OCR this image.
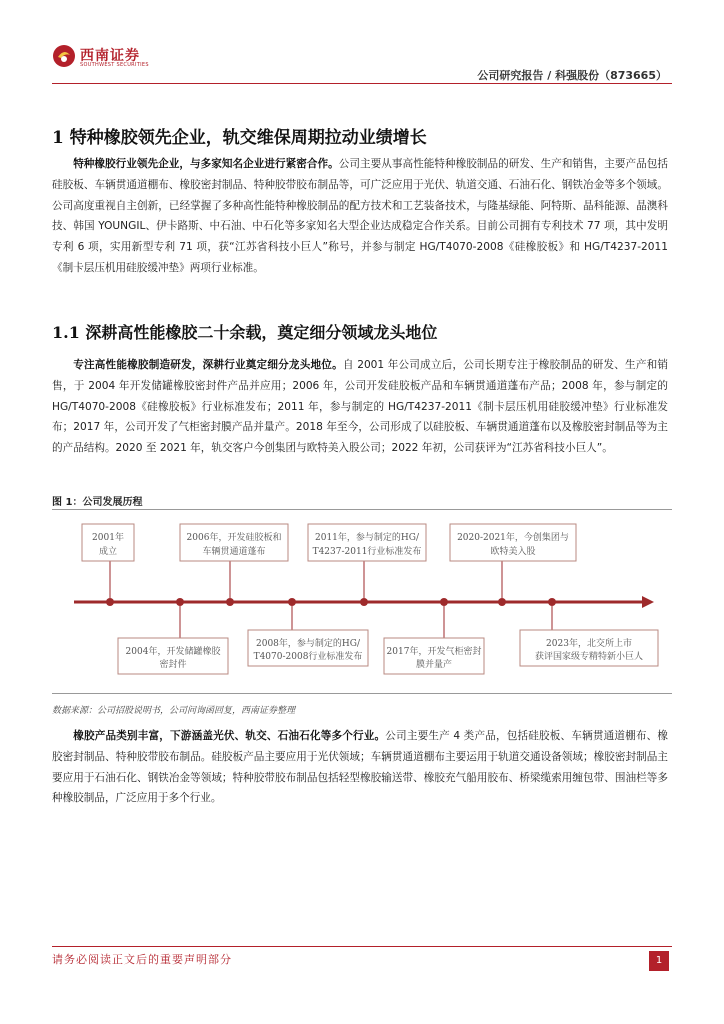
西南证券
SOUTHWEST SECURITIES
公司研究报告 / 科强股份（873665）
1 特种橡胶领先企业，轨交维保周期拉动业绩增长

特种橡胶行业领先企业，与多家知名企业进行紧密合作。公司主要从事高性能特种橡胶制品的研发、生产和销售，主要产品包括硅胶板、车辆贯通道棚布、橡胶密封制品、特种胶带胶布制品等，可广泛应用于光伏、轨道交通、石油石化、钢铁冶金等多个领域。公司高度重视自主创新，已经掌握了多种高性能特种橡胶制品的配方技术和工艺装备技术，与隆基绿能、阿特斯、晶科能源、晶澳科技、韩国 YOUNGIL、伊卡路斯、中石油、中石化等多家知名大型企业达成稳定合作关系。目前公司拥有专利技术 77 项，其中发明专利 6 项，实用新型专利 71 项，获“江苏省科技小巨人”称号，并参与制定 HG/T4070-2008《硅橡胶板》和 HG/T4237-2011《制卡层压机用硅胶缓冲垫》两项行业标准。

1.1 深耕高性能橡胶二十余载，奠定细分领域龙头地位

专注高性能橡胶制造研发，深耕行业奠定细分龙头地位。自 2001 年公司成立后，公司长期专注于橡胶制品的研发、生产和销售，于 2004 年开发储罐橡胶密封件产品并应用；2006 年，公司开发硅胶板产品和车辆贯通道蓬布产品；2008 年，参与制定的 HG/T4070-2008《硅橡胶板》行业标准发布；2011 年，参与制定的 HG/T4237-2011《制卡层压机用硅胶缓冲垫》行业标准发布；2017 年，公司开发了气柜密封膜产品并量产。2018 年至今，公司形成了以硅胶板、车辆贯通道蓬布以及橡胶密封制品等为主的产品结构。2020 至 2021 年，轨交客户今创集团与欧特美入股公司；2022 年初，公司获评为“江苏省科技小巨人”。

图 1：公司发展历程
2001年
成立
2006年，开发硅胶板和
车辆贯通道蓬布
2011年，参与制定的HG/
T4237-2011行业标准发布
2020-2021年，今创集团与
欧特美入股
2004年，开发储罐橡胶
密封件
2008年，参与制定的HG/
T4070-2008行业标准发布	2017年，开发气柜密封
膜并量产
2023年，北交所上市
获评国家级专精特新小巨人
数据来源：公司招股说明书，公司问询函回复，西南证券整理

橡胶产品类别丰富，下游涵盖光伏、轨交、石油石化等多个行业。公司主要生产 4 类产品，包括硅胶板、车辆贯通道棚布、橡胶密封制品、特种胶带胶布制品。硅胶板产品主要应用于光伏领域；车辆贯通道棚布主要运用于轨道交通设备领域；橡胶密封制品主要应用于石油石化、钢铁冶金等领域；特种胶带胶布制品包括轻型橡胶输送带、橡胶充气船用胶布、桥梁缆索用缠包带、围油栏等多种橡胶制品，广泛应用于多个行业。

请务必阅读正文后的重要声明部分	1
